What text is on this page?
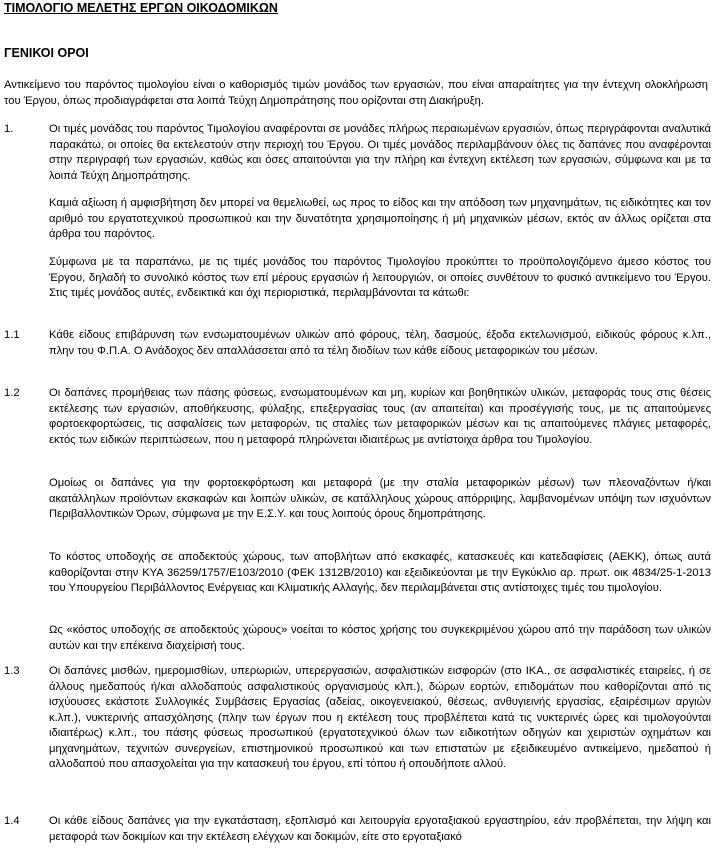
ΤΙΜΟΛΟΓΙΟ ΜΕΛΕΤΗΣ ΕΡΓΩΝ ΟΙΚΟΔΟΜΙΚΩΝ
ΓΕΝΙΚΟΙ ΟΡΟΙ

Αντικείμενο του παρόντος τιμολογίου είναι ο καθορισμός τιμών μονάδος των εργασιών, που είναι απαραίτητες για την έντεχνη ολοκλήρωση του Έργου, όπως προδιαγράφεται στα λοιπά Τεύχη Δημοπράτησης που ορίζονται στη Διακήρυξη.

1.	Οι τιμές μονάδας του παρόντος Τιμολογίου αναφέρονται σε μονάδες πλήρως περαιωμένων εργασιών, όπως περιγράφονται αναλυτικά παρακάτω, οι οποίες θα εκτελεστούν στην περιοχή του Έργου. Οι τιμές μονάδος περιλαμβάνουν όλες τις δαπάνες που αναφέρονται στην περιγραφή των εργασιών, καθώς και όσες απαιτούνται για την πλήρη και έντεχνη εκτέλεση των εργασιών, σύμφωνα και με τα λοιπά Τεύχη Δημοπράτησης.

Καμιά αξίωση ή αμφισβήτηση δεν μπορεί να θεμελιωθεί, ως προς το είδος και την απόδοση των μηχανημάτων, τις ειδικότητες και τον αριθμό του εργατοτεχνικού προσωπικού και την δυνατότητα χρησιμοποίησης ή μή μηχανικών μέσων, εκτός αν άλλως ορίζεται στα άρθρα του παρόντος.

Σύμφωνα με τα παραπάνω, με τις τιμές μονάδος του παρόντος Τιμολογίου προκύπτει το προϋπολογιζόμενο άμεσο κόστος του Έργου, δηλαδή το συνολικό κόστος των επί μέρους εργασιών ή λειτουργιών, οι οποίες συνθέτουν το φυσικό αντικείμενο του Έργου. Στις τιμές μονάδος αυτές, ενδεικτικά και όχι περιοριστικά, περιλαμβάνονται τα κάτωθι:

1.1	Κάθε είδους επιβάρυνση των ενσωματουμένων υλικών από φόρους, τέλη, δασμούς, έξοδα εκτελωνισμού, ειδικούς φόρους κ.λπ., πλην του Φ.Π.Α. Ο Ανάδοχος δεν απαλλάσσεται από τα τέλη διοδίων των κάθε είδους μεταφορικών του μέσων.

1.2	Οι δαπάνες προμήθειας των πάσης φύσεως, ενσωματουμένων και μη, κυρίων και βοηθητικών υλικών, μεταφοράς τους στις θέσεις εκτέλεσης των εργασιών, αποθήκευσης, φύλαξης, επεξεργασίας τους (αν απαιτείται) και προσέγγισής τους, με τις απαιτούμενες φορτοεκφορτώσεις, τις ασφαλίσεις των μεταφορών, τις σταλίες των μεταφορικών μέσων και τις απαιτούμενες πλάγιες μεταφορές, εκτός των ειδικών περιπτώσεων, που η μεταφορά πληρώνεται ιδιαιτέρως με αντίστοιχα άρθρα του Τιμολογίου.

Ομοίως οι δαπάνες για την φορτοεκφόρτωση και μεταφορά (με την σταλία μεταφορικών μέσων) των πλεοναζόντων ή/και ακατάλληλων προϊόντων εκσκαφών και λοιπών υλικών, σε κατάλληλους χώρους απόρριψης, λαμβανομένων υπόψη των ισχυόντων Περιβαλλοντικών Όρων, σύμφωνα με την Ε.Σ.Υ. και τους λοιπούς όρους δημοπράτησης.

Το κόστος υποδοχής σε αποδεκτούς χώρους, των αποβλήτων από εκσκαφές, κατασκευές και κατεδαφίσεις (ΑΕΚΚ), όπως αυτά καθορίζονται στην ΚΥΑ 36259/1757/Ε103/2010 (ΦΕΚ 1312Β/2010) και εξειδικεύονται με την Εγκύκλιο αρ. πρωτ. οικ 4834/25-1-2013 του Υπουργείου Περιβάλλοντος Ενέργειας και Κλιματικής Αλλαγής, δεν περιλαμβάνεται στις αντίστοιχες τιμές του τιμολογίου.

Ως «κόστος υποδοχής σε αποδεκτούς χώρους» νοείται το κόστος χρήσης του συγκεκριμένου χώρου από την παράδοση των υλικών αυτών και την επέκεινα διαχείρισή τους.

1.3	Οι δαπάνες μισθών, ημερομισθίων, υπερωριών, υπερεργασιών, ασφαλιστικών εισφορών (στο ΙΚΑ., σε ασφαλιστικές εταιρείες, ή σε άλλους ημεδαπούς ή/και αλλοδαπούς ασφαλιστικούς οργανισμούς κλπ.), δώρων εορτών, επιδομάτων που καθορίζονται από τις ισχύουσες εκάστοτε Συλλογικές Συμβάσεις Εργασίας (αδείας, οικογενειακού, θέσεως, ανθυγιεινής εργασίας, εξαιρέσιμων αργιών κ.λπ.), νυκτερινής απασχόλησης (πλην των έργων που η εκτέλεση τους προβλέπεται κατά τις νυκτερινές ώρες και τιμολογούνται ιδιαιτέρως) κ.λπ., του πάσης φύσεως προσωπικού (εργατοτεχνικού όλων των ειδικοτήτων οδηγών και χειριστών οχημάτων και μηχανημάτων, τεχνιτών συνεργείων, επιστημονικού προσωπικού και των επιστατών με εξειδικευμένο αντικείμενο, ημεδαπού ή αλλοδαπού που απασχολείται για την κατασκευή του έργου, επί τόπου ή οπουδήποτε αλλού.

1.4	Οι κάθε είδους δαπάνες για την εγκατάσταση, εξοπλισμό και λειτουργία εργοταξιακού εργαστηρίου, εάν προβλέπεται, την λήψη και μεταφορά των δοκιμίων και την εκτέλεση ελέγχων και δοκιμών, είτε στο εργοταξιακό
